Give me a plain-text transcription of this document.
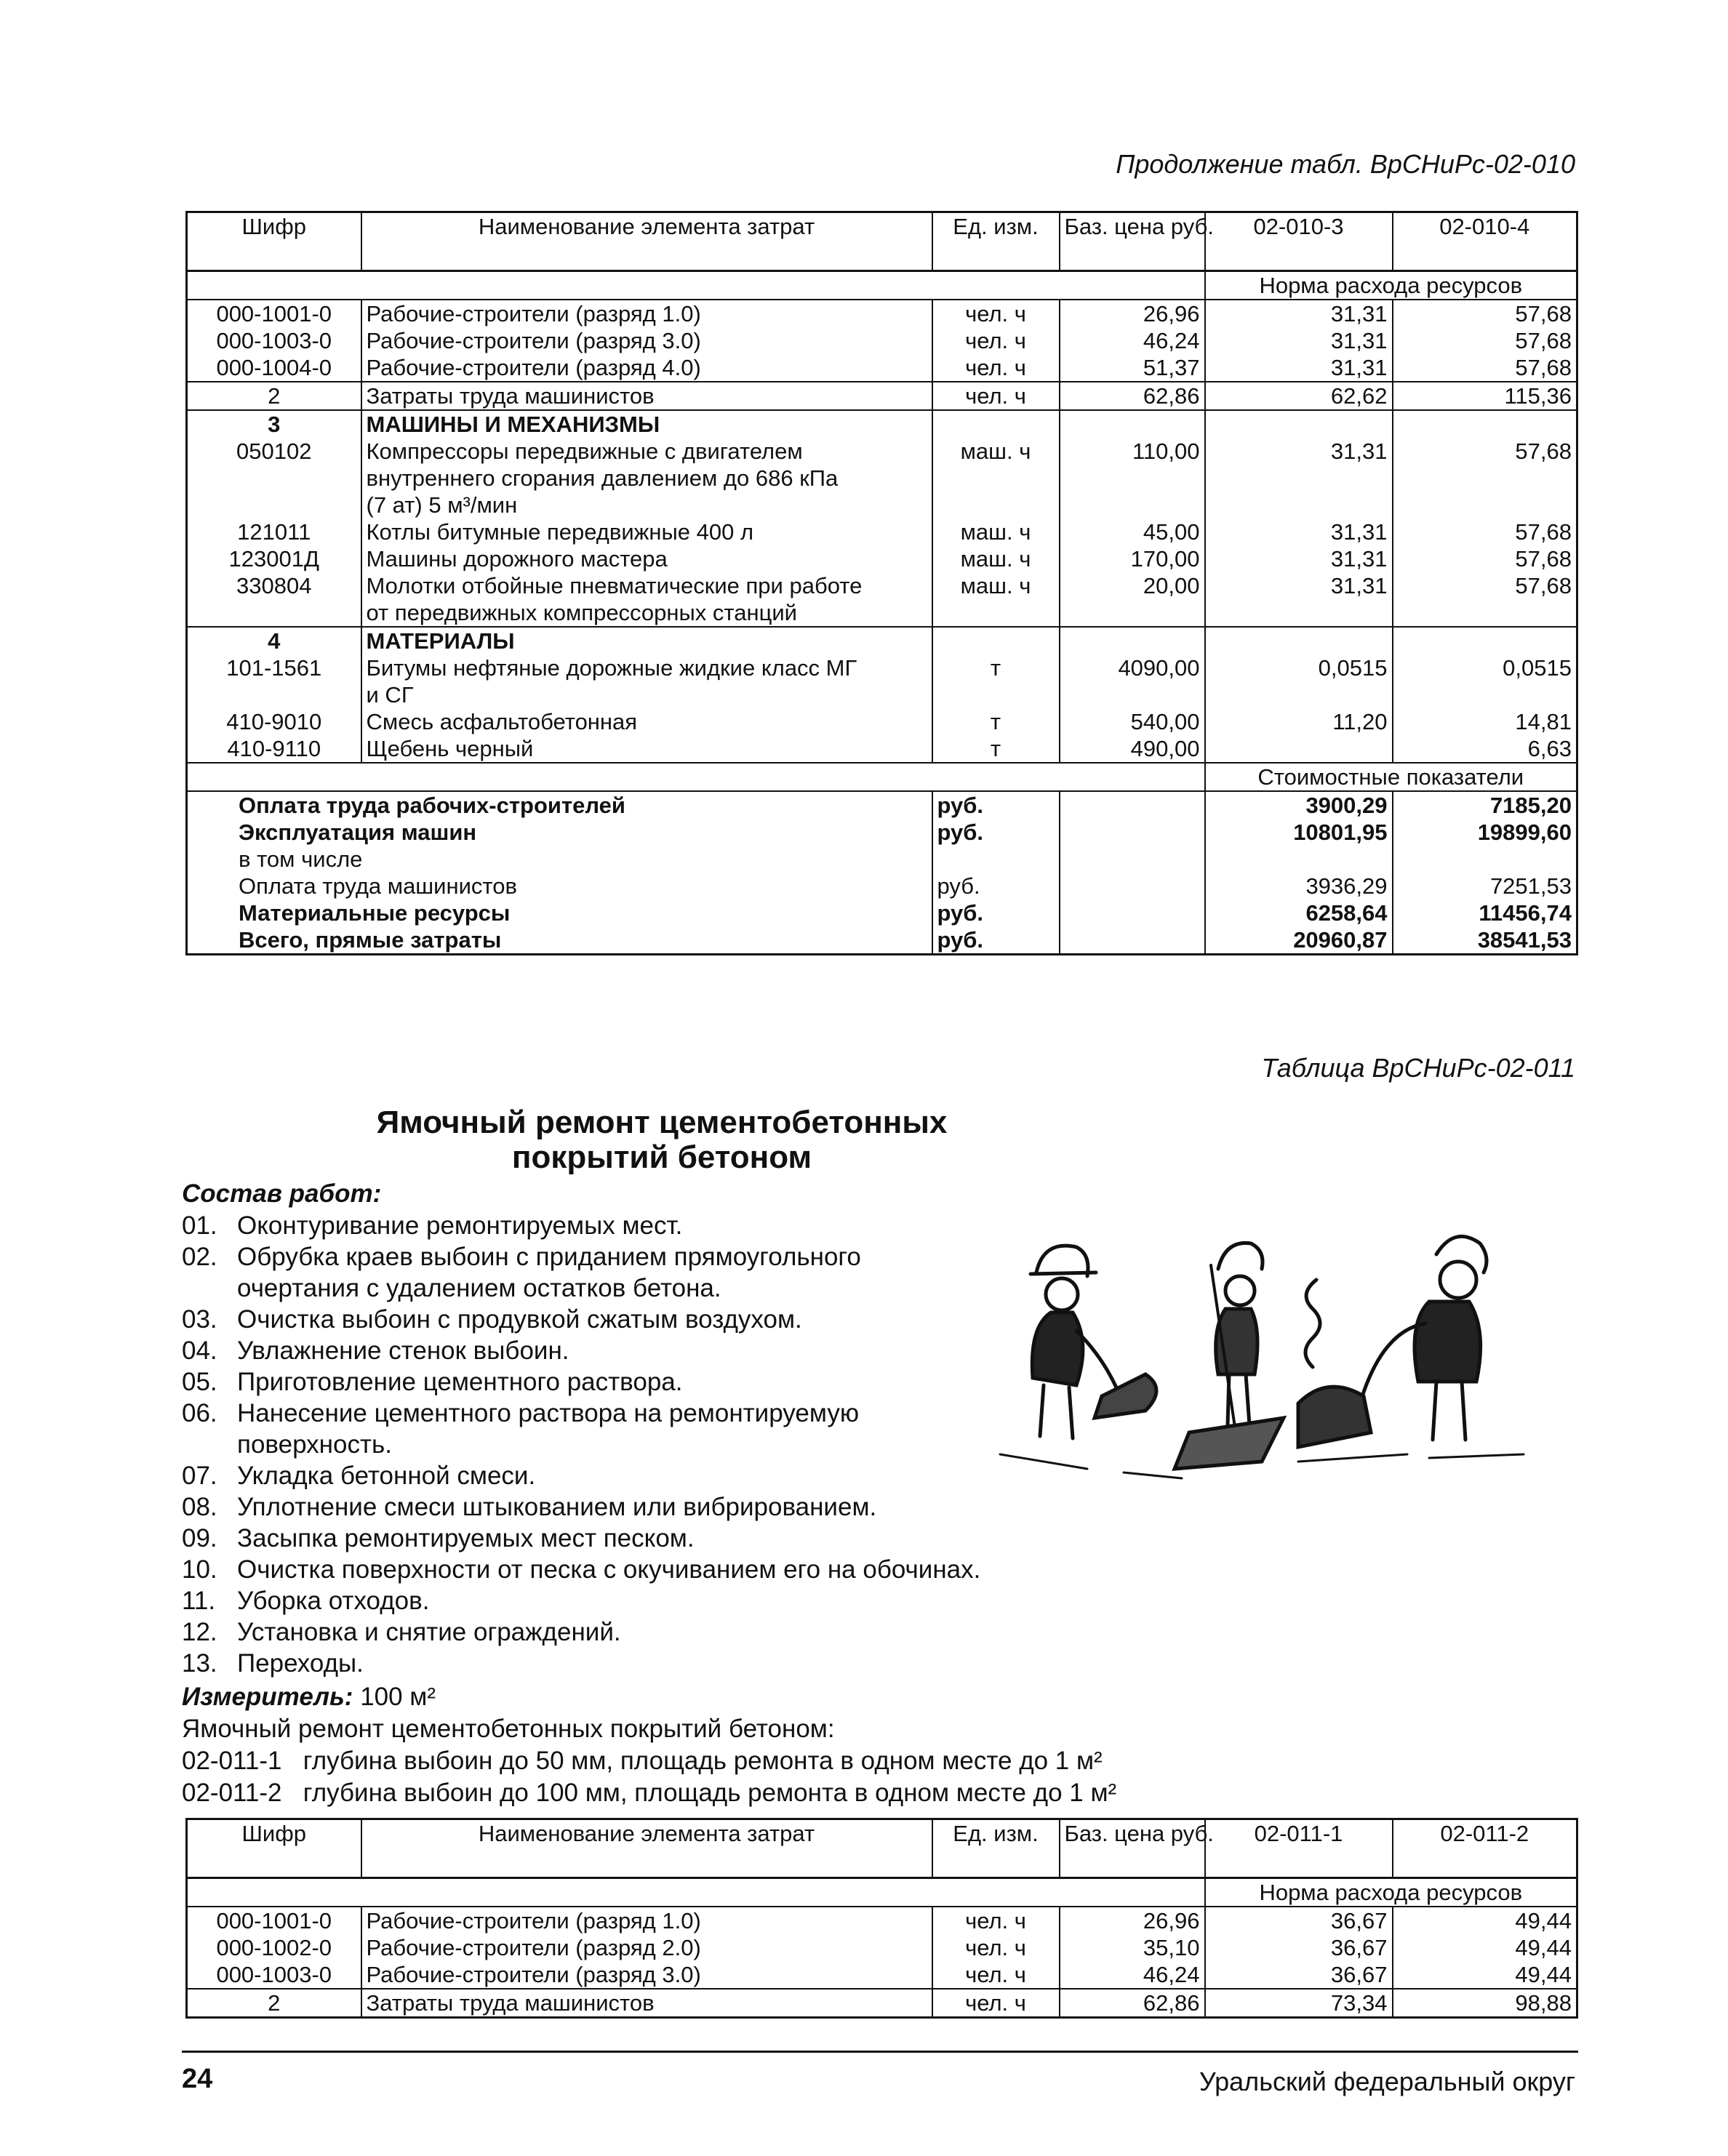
Продолжение табл. ВрСНиРс-02-010
Шифр	Наименование элемента затрат	Ед. изм.	Баз. цена руб.	02-010-3	02-010-4
				Норма расхода ресурсов	
000-1001-0	Рабочие-строители (разряд 1.0)	чел. ч	26,96	31,31	57,68
000-1003-0	Рабочие-строители (разряд 3.0)	чел. ч	46,24	31,31	57,68
000-1004-0	Рабочие-строители (разряд 4.0)	чел. ч	51,37	31,31	57,68
2	Затраты труда машинистов	чел. ч	62,86	62,62	115,36
3	МАШИНЫ И МЕХАНИЗМЫ				
050102	Компрессоры передвижные с двигателем
внутреннего сгорания давлением до 686 кПа
(7 ат) 5 м³/мин	маш. ч	110,00	31,31	57,68
121011	Котлы битумные передвижные 400 л	маш. ч	45,00	31,31	57,68
123001Д	Машины дорожного мастера	маш. ч	170,00	31,31	57,68
330804	Молотки отбойные пневматические при работе
от передвижных компрессорных станций	маш. ч	20,00	31,31	57,68
4	МАТЕРИАЛЫ				
101-1561	Битумы нефтяные дорожные жидкие класс МГ
и СГ	т	4090,00	0,0515	0,0515
410-9010	Смесь асфальтобетонная	т	540,00	11,20	14,81
410-9110	Щебень черный	т	490,00		6,63
				Стоимостные показатели	
Оплата труда рабочих-строителей		руб.		3900,29	7185,20
Эксплуатация машин		руб.		10801,95	19899,60
в том числе					
Оплата труда машинистов		руб.		3936,29	7251,53
Материальные ресурсы		руб.		6258,64	11456,74
Всего, прямые затраты		руб.		20960,87	38541,53
Таблица ВрСНиРс-02-011
Ямочный ремонт цементобетонных
покрытий бетоном
Состав работ:
01. Оконтуривание ремонтируемых мест.
02. Обрубка краев выбоин с приданием прямоугольного
очертания с удалением остатков бетона.
03. Очистка выбоин с продувкой сжатым воздухом.
04. Увлажнение стенок выбоин.
05. Приготовление цементного раствора.
06. Нанесение цементного раствора на ремонтируемую
поверхность.
07. Укладка бетонной смеси.
08. Уплотнение смеси штыкованием или вибрированием.
09. Засыпка ремонтируемых мест песком.
10. Очистка поверхности от песка с окучиванием его на обочинах.
11. Уборка отходов.
12. Установка и снятие ограждений.
13. Переходы.
Измеритель: 100 м²
Ямочный ремонт цементобетонных покрытий бетоном:
02-011-1 глубина выбоин до 50 мм, площадь ремонта в одном месте до 1 м²
02-011-2 глубина выбоин до 100 мм, площадь ремонта в одном месте до 1 м²
Шифр	Наименование элемента затрат	Ед. изм.	Баз. цена руб.	02-011-1	02-011-2
				Норма расхода ресурсов	
000-1001-0	Рабочие-строители (разряд 1.0)	чел. ч	26,96	36,67	49,44
000-1002-0	Рабочие-строители (разряд 2.0)	чел. ч	35,10	36,67	49,44
000-1003-0	Рабочие-строители (разряд 3.0)	чел. ч	46,24	36,67	49,44
2	Затраты труда машинистов	чел. ч	62,86	73,34	98,88
24	Уральский федеральный округ
